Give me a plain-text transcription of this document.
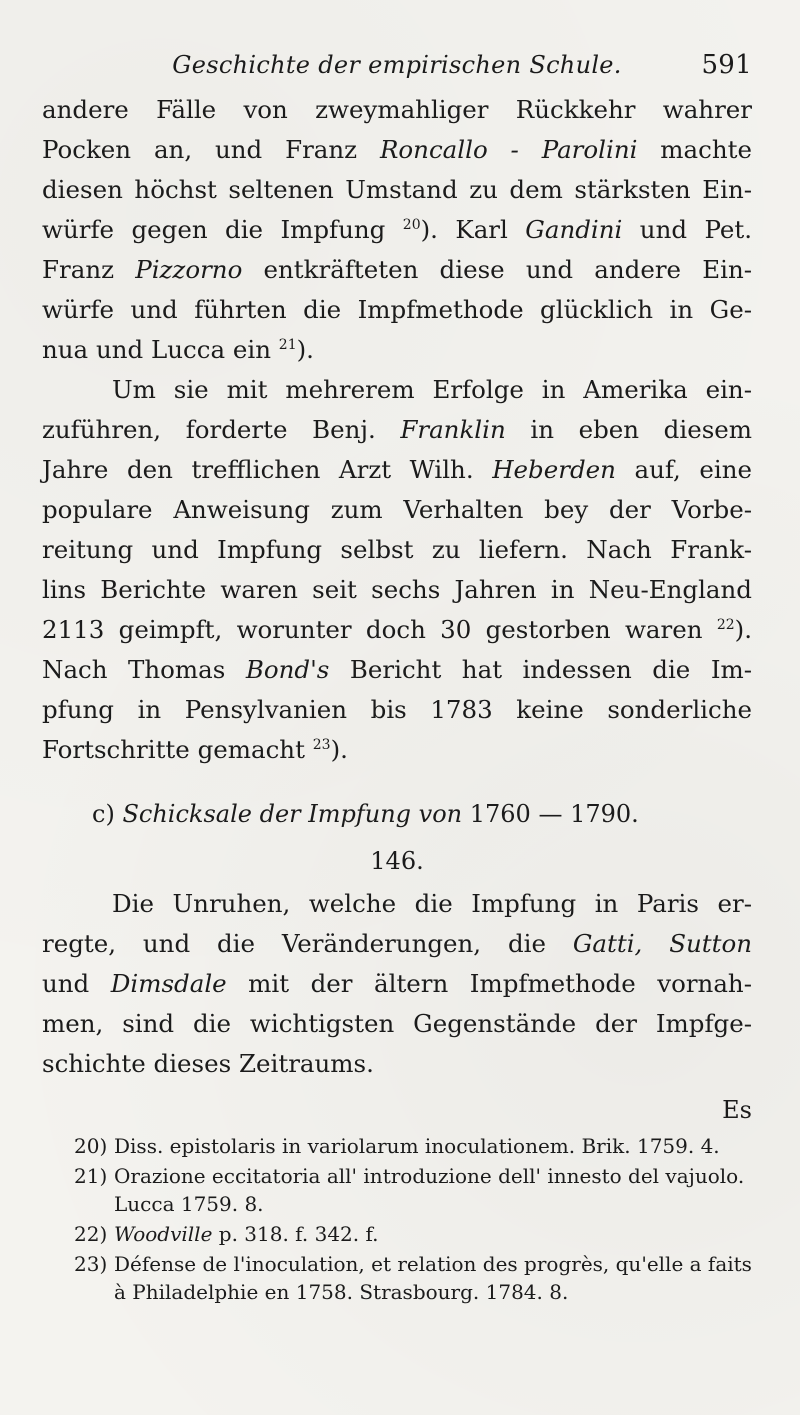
Geschichte der empirischen Schule.	591
andere Fälle von zweymahliger Rückkehr wahrer
Pocken an, und Franz Roncallo - Parolini machte
diesen höchst seltenen Umstand zu dem stärksten Ein-
würfe gegen die Impfung $^{20}$). Karl Gandini und Pet.
Franz Pizzorno entkräfteten diese und andere Ein-
würfe und führten die Impfmethode glücklich in Ge-
nua und Lucca ein $^{21}$).
Um sie mit mehrerem Erfolge in Amerika ein-
zuführen, forderte Benj. Franklin in eben diesem
Jahre den trefflichen Arzt Wilh. Heberden auf, eine
populare Anweisung zum Verhalten bey der Vorbe-
reitung und Impfung selbst zu liefern. Nach Frank-
lins Berichte waren seit sechs Jahren in Neu-England
2113 geimpft, worunter doch 30 gestorben waren $^{22}$).
Nach Thomas Bond's Bericht hat indessen die Im-
pfung in Pensylvanien bis 1783 keine sonderliche
Fortschritte gemacht $^{23}$).
c) Schicksale der Impfung von 1760 — 1790.
146.
Die Unruhen, welche die Impfung in Paris er-
regte, und die Veränderungen, die Gatti, Sutton
und Dimsdale mit der ältern Impfmethode vornah-
men, sind die wichtigsten Gegenstände der Impfge-
schichte dieses Zeitraums.
Es
20) Diss. epistolaris in variolarum inoculationem. Brik. 1759. 4.
21) Orazione eccitatoria all' introduzione dell' innesto del vajuolo. Lucca 1759. 8.
22) Woodville p. 318. f. 342. f.
23) Défense de l'inoculation, et relation des progrès, qu'elle a faits à Philadelphie en 1758. Strasbourg. 1784. 8.
